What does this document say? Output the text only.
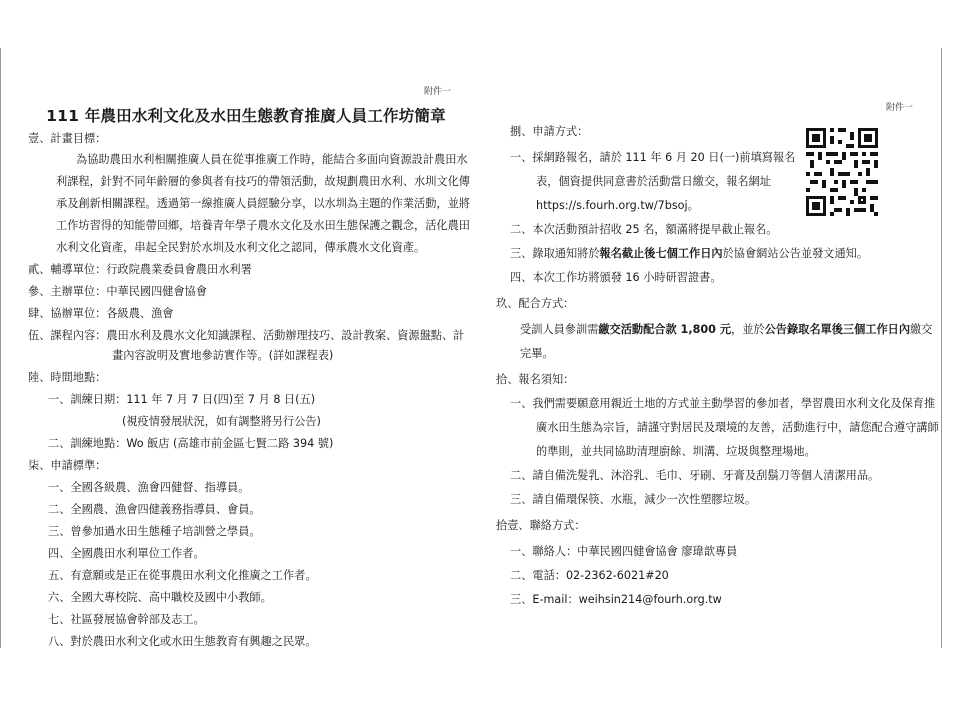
附件一
111 年農田水利文化及水田生態教育推廣人員工作坊簡章
壹、計畫目標：
為協助農田水利相關推廣人員在從事推廣工作時，能結合多面向資源設計農田水
利課程，針對不同年齡層的參與者有技巧的帶領活動，故規劃農田水利、水圳文化傳
承及創新相關課程。透過第一線推廣人員經驗分享，以水圳為主題的作業活動，並將
工作坊習得的知能帶回鄉，培養青年學子農水文化及水田生態保護之觀念，活化農田
水利文化資產，串起全民對於水圳及水利文化之認同，傳承農水文化資產。
貳、輔導單位：行政院農業委員會農田水利署
參、主辦單位：中華民國四健會協會
肆、協辦單位：各級農、漁會
伍、課程內容：農田水利及農水文化知識課程、活動辦理技巧、設計教案、資源盤點、計
畫內容說明及實地參訪實作等。(詳如課程表)
陸、時間地點：
一、訓練日期：111 年 7 月 7 日(四)至 7 月 8 日(五)
(視疫情發展狀況，如有調整將另行公告)
二、訓練地點：Wo 飯店 (高雄市前金區七賢二路 394 號)
柒、申請標準：
一、全國各級農、漁會四健督、指導員。
二、全國農、漁會四健義務指導員、會員。
三、曾參加過水田生態種子培訓營之學員。
四、全國農田水利單位工作者。
五、有意願或是正在從事農田水利文化推廣之工作者。
六、全國大專校院、高中職校及國中小教師。
七、社區發展協會幹部及志工。
八、對於農田水利文化或水田生態教育有興趣之民眾。
附件一
捌、申請方式：
一、採網路報名，請於 111 年 6 月 20 日(一)前填寫報名
表，個資提供同意書於活動當日繳交，報名網址
https://s.fourh.org.tw/7bsoj。
二、本次活動預計招收 25 名，額滿將提早截止報名。
三、錄取通知將於報名截止後七個工作日內於協會網站公告並發文通知。
四、本次工作坊將頒發 16 小時研習證書。
玖、配合方式：
受訓人員參訓需繳交活動配合款 1,800 元，並於公告錄取名單後三個工作日內繳交
完畢。
拾、報名須知：
一、我們需要願意用親近土地的方式並主動學習的參加者，學習農田水利文化及保育推
廣水田生態為宗旨，請謹守對居民及環境的友善，活動進行中，請您配合遵守講師
的準則，並共同協助清理廚餘、圳溝、垃圾與整理場地。
二、請自備洗髮乳、沐浴乳、毛巾、牙刷、牙膏及刮鬍刀等個人清潔用品。
三、請自備環保筷、水瓶，減少一次性塑膠垃圾。
拾壹、聯絡方式：
一、聯絡人：中華民國四健會協會 廖瑋歆專員
二、電話：02-2362-6021#20
三、E-mail：weihsin214@fourh.org.tw
